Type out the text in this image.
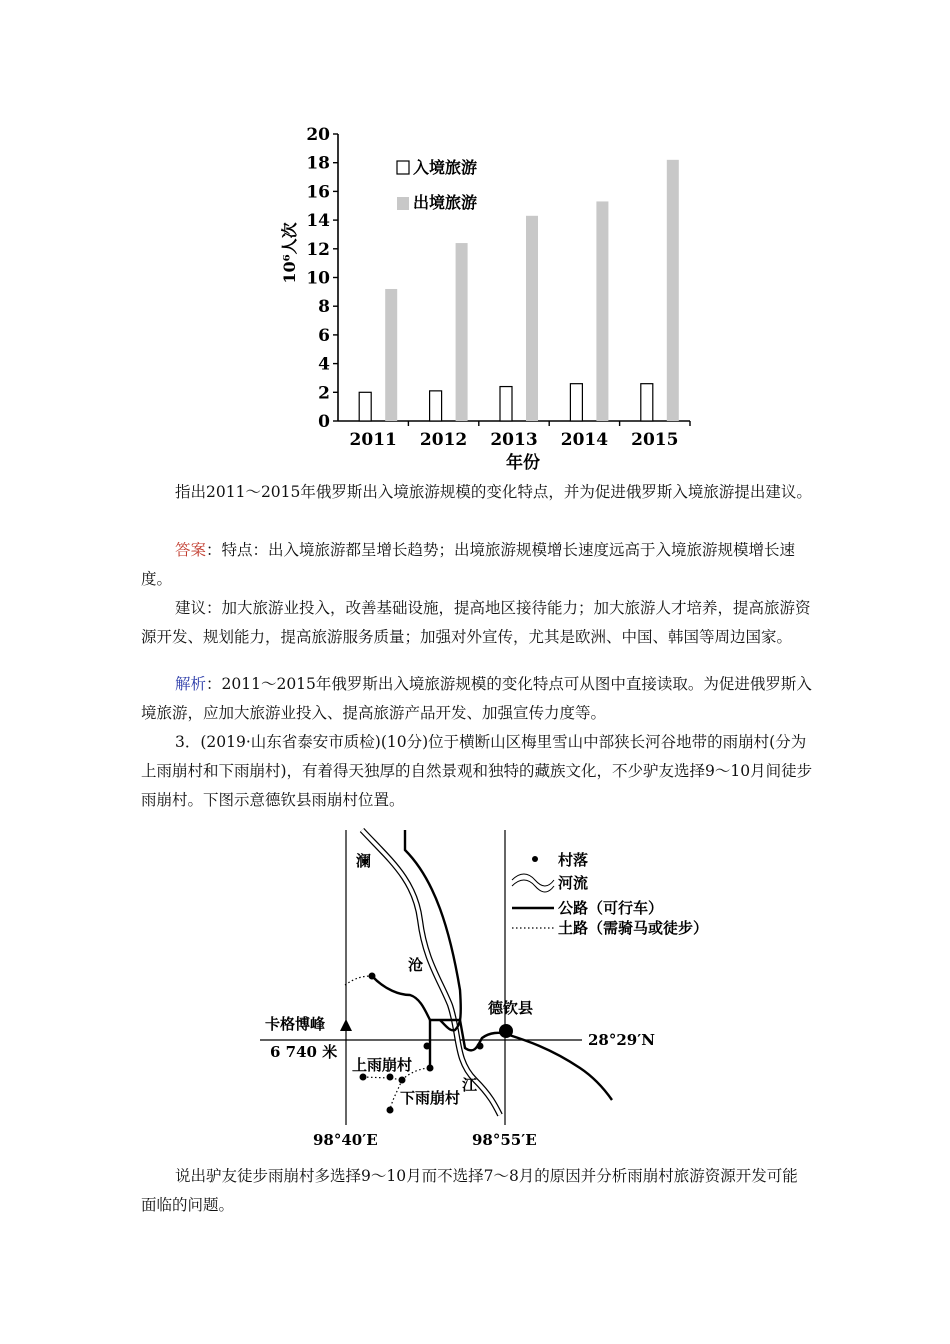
0
2
4
6
8
10
12
14
16
18
20
2011 2012 2013 2014 2015
入境旅游
出境旅游
10⁶人次
年份
指出2011～2015年俄罗斯出入境旅游规模的变化特点，并为促进俄罗斯入境旅游提出建议。
答案：特点：出入境旅游都呈增长趋势；出境旅游规模增长速度远高于入境旅游规模增长速度。
建议：加大旅游业投入，改善基础设施，提高地区接待能力；加大旅游人才培养，提高旅游资源开发、规划能力，提高旅游服务质量；加强对外宣传，尤其是欧洲、中国、韩国等周边国家。
解析：2011～2015年俄罗斯出入境旅游规模的变化特点可从图中直接读取。为促进俄罗斯入境旅游，应加大旅游业投入、提高旅游产品开发、加强宣传力度等。
3．(2019·山东省泰安市质检)(10分)位于横断山区梅里雪山中部狭长河谷地带的雨崩村(分为上雨崩村和下雨崩村)，有着得天独厚的自然景观和独特的藏族文化，不少驴友选择9～10月间徒步雨崩村。下图示意德钦县雨崩村位置。
澜
沧
江
村落
河流
公路（可行车）
土路（需骑马或徒步）
卡格博峰
6 740 米
上雨崩村
下雨崩村
德钦县
28°29′N
98°40′E	98°55′E
说出驴友徒步雨崩村多选择9～10月而不选择7～8月的原因并分析雨崩村旅游资源开发可能面临的问题。
